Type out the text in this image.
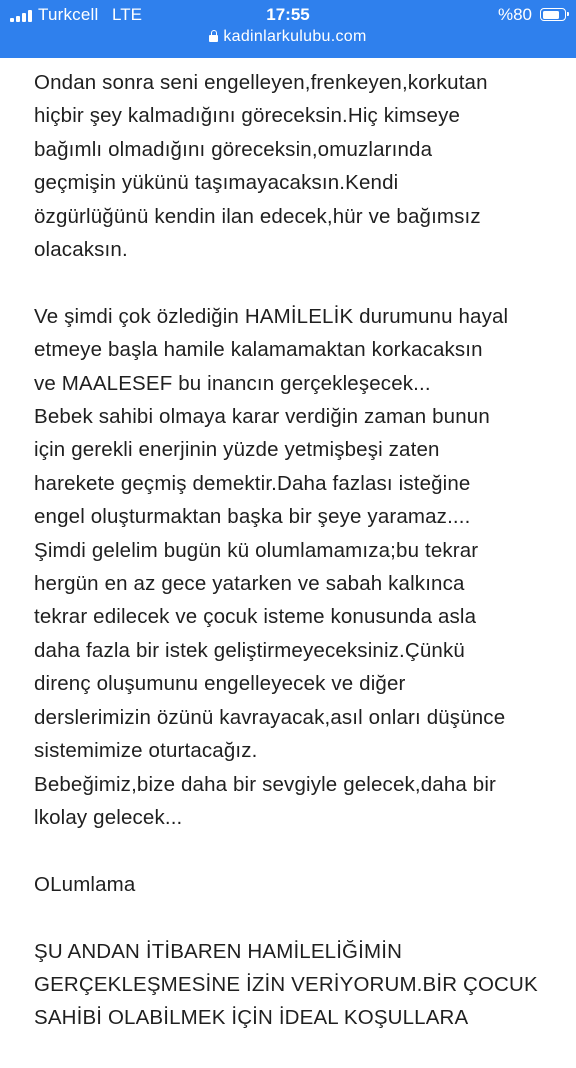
Turkcell LTE	17:55	%80
kadinlarkulubu.com

Ondan sonra seni engelleyen,frenkeyen,korkutan
hiçbir şey kalmadığını göreceksin.Hiç kimseye
bağımlı olmadığını göreceksin,omuzlarında
geçmişin yükünü taşımayacaksın.Kendi
özgürlüğünü kendin ilan edecek,hür ve bağımsız
olacaksın.

Ve şimdi çok özlediğin HAMİLELİK durumunu hayal
etmeye başla hamile kalamamaktan korkacaksın
ve MAALESEF bu inancın gerçekleşecek...
Bebek sahibi olmaya karar verdiğin zaman bunun
için gerekli enerjinin yüzde yetmişbeşi zaten
harekete geçmiş demektir.Daha fazlası isteğine
engel oluşturmaktan başka bir şeye yaramaz....
Şimdi gelelim bugün kü olumlamamıza;bu tekrar
hergün en az gece yatarken ve sabah kalkınca
tekrar edilecek ve çocuk isteme konusunda asla
daha fazla bir istek geliştirmeyeceksiniz.Çünkü
direnç oluşumunu engelleyecek ve diğer
derslerimizin özünü kavrayacak,asıl onları düşünce
sistemimize oturtacağız.
Bebeğimiz,bize daha bir sevgiyle gelecek,daha bir
lkolay gelecek...

OLumlama

ŞU ANDAN İTİBAREN HAMİLELİĞİMİN
GERÇEKLEŞMESİNE İZİN VERİYORUM.BİR ÇOCUK
SAHİBİ OLABİLMEK İÇİN İDEAL KOŞULLARA
